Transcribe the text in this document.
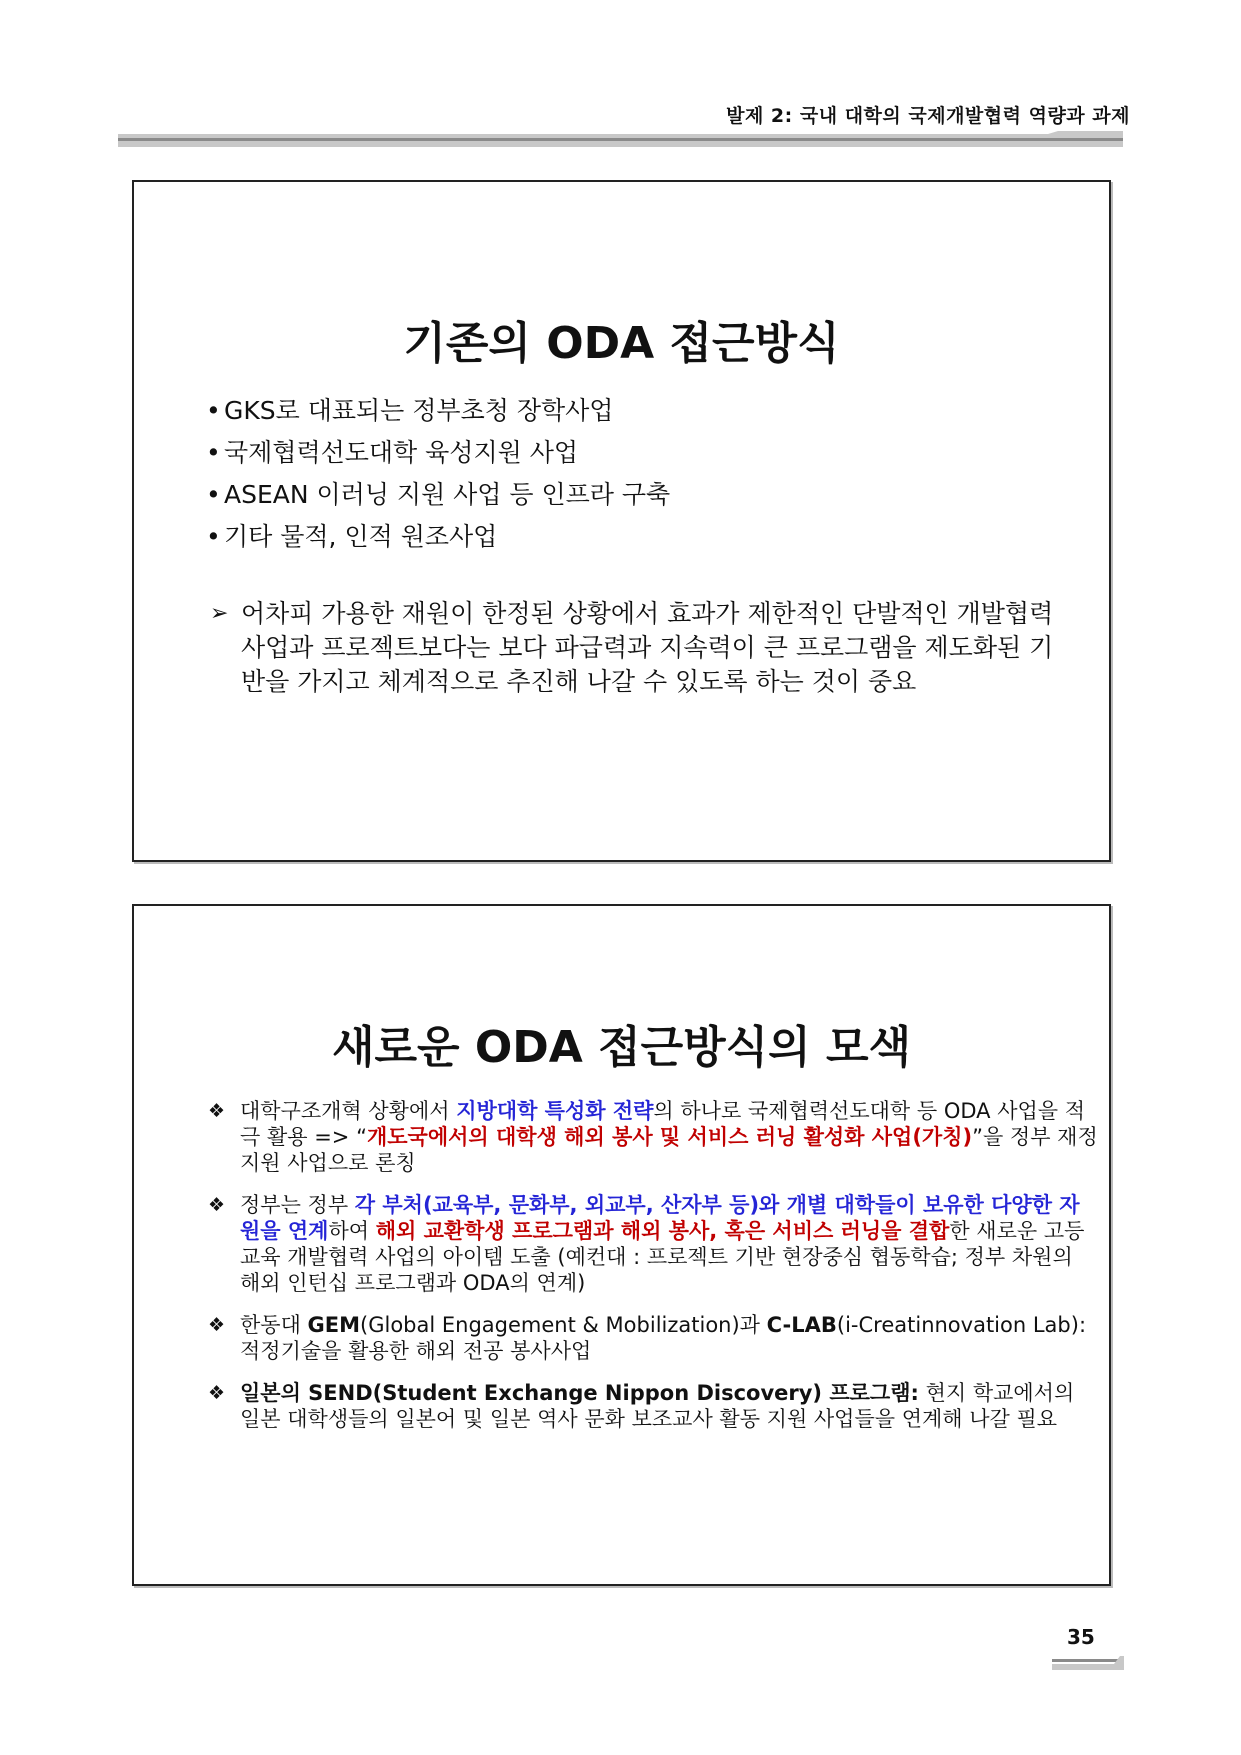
발제 2: 국내 대학의 국제개발협력 역량과 과제
기존의 ODA 접근방식
• GKS로 대표되는 정부초청 장학사업
• 국제협력선도대학 육성지원 사업
• ASEAN 이러닝 지원 사업 등 인프라 구축
• 기타 물적, 인적 원조사업
➢ 어차피 가용한 재원이 한정된 상황에서 효과가 제한적인 단발적인 개발협력 사업과 프로젝트보다는 보다 파급력과 지속력이 큰 프로그램을 제도화된 기반을 가지고 체계적으로 추진해 나갈 수 있도록 하는 것이 중요
새로운 ODA 접근방식의 모색
❖ 대학구조개혁 상황에서 지방대학 특성화 전략의 하나로 국제협력선도대학 등 ODA 사업을 적극 활용 => “개도국에서의 대학생 해외 봉사 및 서비스 러닝 활성화 사업(가칭)”을 정부 재정지원 사업으로 론칭
❖ 정부는 정부 각 부처(교육부, 문화부, 외교부, 산자부 등)와 개별 대학들이 보유한 다양한 자원을 연계하여 해외 교환학생 프로그램과 해외 봉사, 혹은 서비스 러닝을 결합한 새로운 고등교육 개발협력 사업의 아이템 도출 (예컨대 : 프로젝트 기반 현장중심 협동학습; 정부 차원의 해외 인턴십 프로그램과 ODA의 연계)
❖ 한동대 GEM(Global Engagement & Mobilization)과 C-LAB(i-Creatinnovation Lab): 적정기술을 활용한 해외 전공 봉사사업
❖ 일본의 SEND(Student Exchange Nippon Discovery) 프로그램: 현지 학교에서의 일본 대학생들의 일본어 및 일본 역사 문화 보조교사 활동 지원 사업들을 연계해 나갈 필요
35
